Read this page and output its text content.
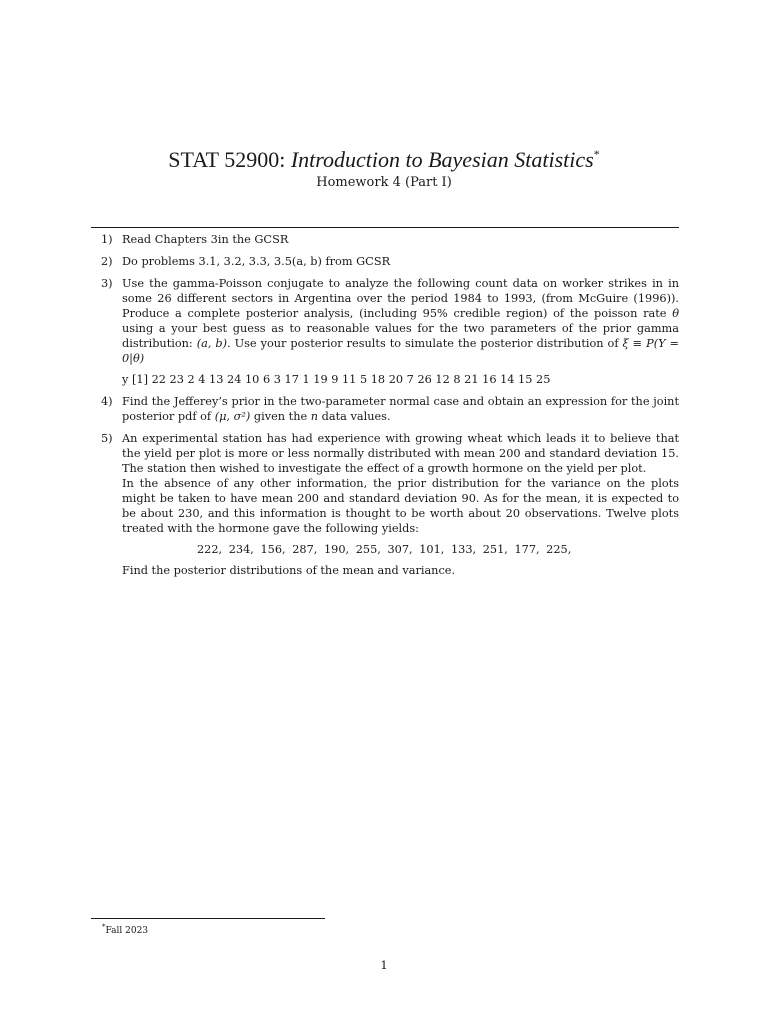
STAT 52900: Introduction to Bayesian Statistics*
Homework 4 (Part I)
1) Read Chapters 3in the GCSR

2) Do problems 3.1, 3.2, 3.3, 3.5(a, b) from GCSR

3) Use the gamma-Poisson conjugate to analyze the following count data on worker strikes in in some 26 different sectors in Argentina over the period 1984 to 1993, (from McGuire (1996)). Produce a complete posterior analysis, (including 95% credible region) of the poisson rate θ using a your best guess as to reasonable values for the two parameters of the prior gamma distribution: (a, b). Use your posterior results to simulate the posterior distribution of ξ ≡ P(Y = 0|θ)

y [1] 22 23 2 4 13 24 10 6 3 17 1 19 9 11 5 18 20 7 26 12 8 21 16 14 15 25

4) Find the Jefferey’s prior in the two-parameter normal case and obtain an expression for the joint posterior pdf of (μ, σ²) given the n data values.

5) An experimental station has had experience with growing wheat which leads it to believe that the yield per plot is more or less normally distributed with mean 200 and standard deviation 15. The station then wished to investigate the effect of a growth hormone on the yield per plot.

In the absence of any other information, the prior distribution for the variance on the plots might be taken to have mean 200 and standard deviation 90. As for the mean, it is expected to be about 230, and this information is thought to be worth about 20 observations. Twelve plots treated with the hormone gave the following yields:

222, 234, 156, 287, 190, 255, 307, 101, 133, 251, 177, 225,

Find the posterior distributions of the mean and variance.

*Fall 2023
1
